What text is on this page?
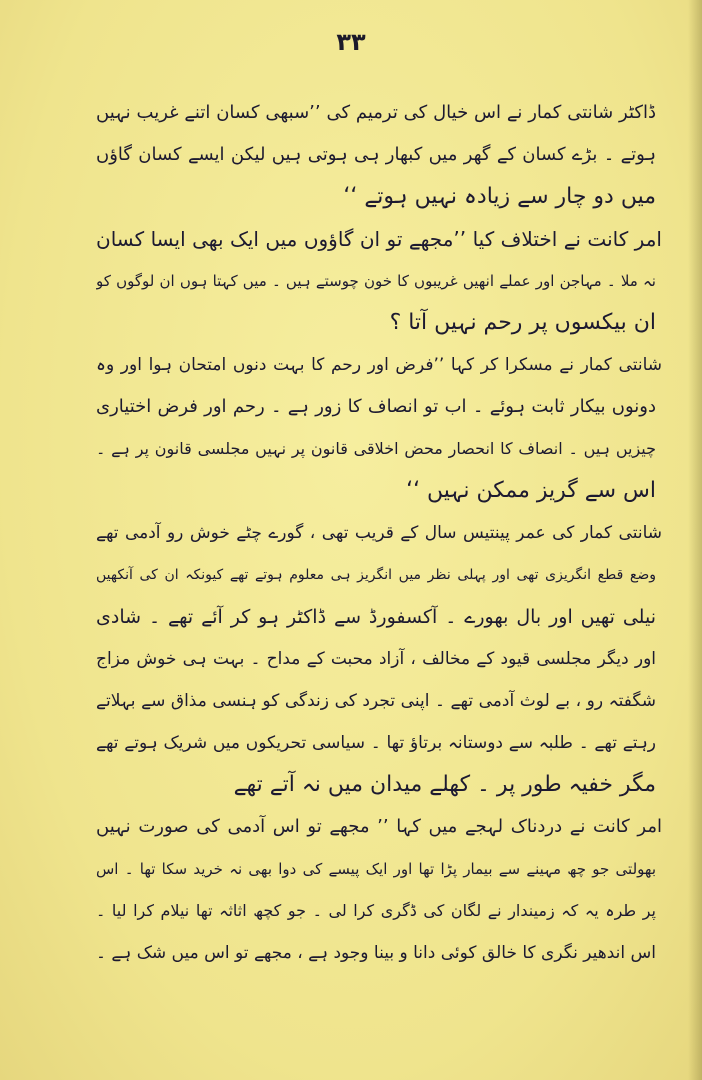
۳۳
ڈاکٹر شانتی کمار نے اس خیال کی ترمیم کی ’’سبھی کسان اتنے غریب نہیں
ہوتے ۔ بڑے کسان کے گھر میں کبھار ہی ہوتی ہیں لیکن ایسے کسان گاؤں
میں دو چار سے زیادہ نہیں ہوتے ‘‘
امر کانت نے اختلاف کیا ’’مجھے تو ان گاؤوں میں ایک بھی ایسا کسان
نہ ملا ۔ مہاجن اور عملے انھیں غریبوں کا خون چوستے ہیں ۔ میں کہتا ہوں ان لوگوں کو
ان بیکسوں پر رحم نہیں آتا ؟
شانتی کمار نے مسکرا کر کہا ’’فرض اور رحم کا بہت دنوں امتحان ہوا اور وہ
دونوں بیکار ثابت ہوئے ۔ اب تو انصاف کا زور ہے ۔ رحم اور فرض اختیاری
چیزیں ہیں ۔ انصاف کا انحصار محض اخلاقی قانون پر نہیں مجلسی قانون پر ہے ۔
اس سے گریز ممکن نہیں ‘‘
شانتی کمار کی عمر پینتیس سال کے قریب تھی ، گورے چٹے خوش رو آدمی تھے
وضع قطع انگریزی تھی اور پہلی نظر میں انگریز ہی معلوم ہوتے تھے کیونکہ ان کی آنکھیں
نیلی تھیں اور بال بھورے ۔ آکسفورڈ سے ڈاکٹر ہو کر آئے تھے ۔ شادی
اور دیگر مجلسی قیود کے مخالف ، آزاد محبت کے مداح ۔ بہت ہی خوش مزاج
شگفتہ رو ، بے لوث آدمی تھے ۔ اپنی تجرد کی زندگی کو ہنسی مذاق سے بہلاتے
رہتے تھے ۔ طلبہ سے دوستانہ برتاؤ تھا ۔ سیاسی تحریکوں میں شریک ہوتے تھے
مگر خفیہ طور پر ۔ کھلے میدان میں نہ آتے تھے
امر کانت نے دردناک لہجے میں کہا ’’ مجھے تو اس آدمی کی صورت نہیں
بھولتی جو چھ مہینے سے بیمار پڑا تھا اور ایک پیسے کی دوا بھی نہ خرید سکا تھا ۔ اس
پر طرہ یہ کہ زمیندار نے لگان کی ڈگری کرا لی ۔ جو کچھ اثاثہ تھا نیلام کرا لیا ۔
اس اندھیر نگری کا خالق کوئی دانا و بینا وجود ہے ، مجھے تو اس میں شک ہے ۔
